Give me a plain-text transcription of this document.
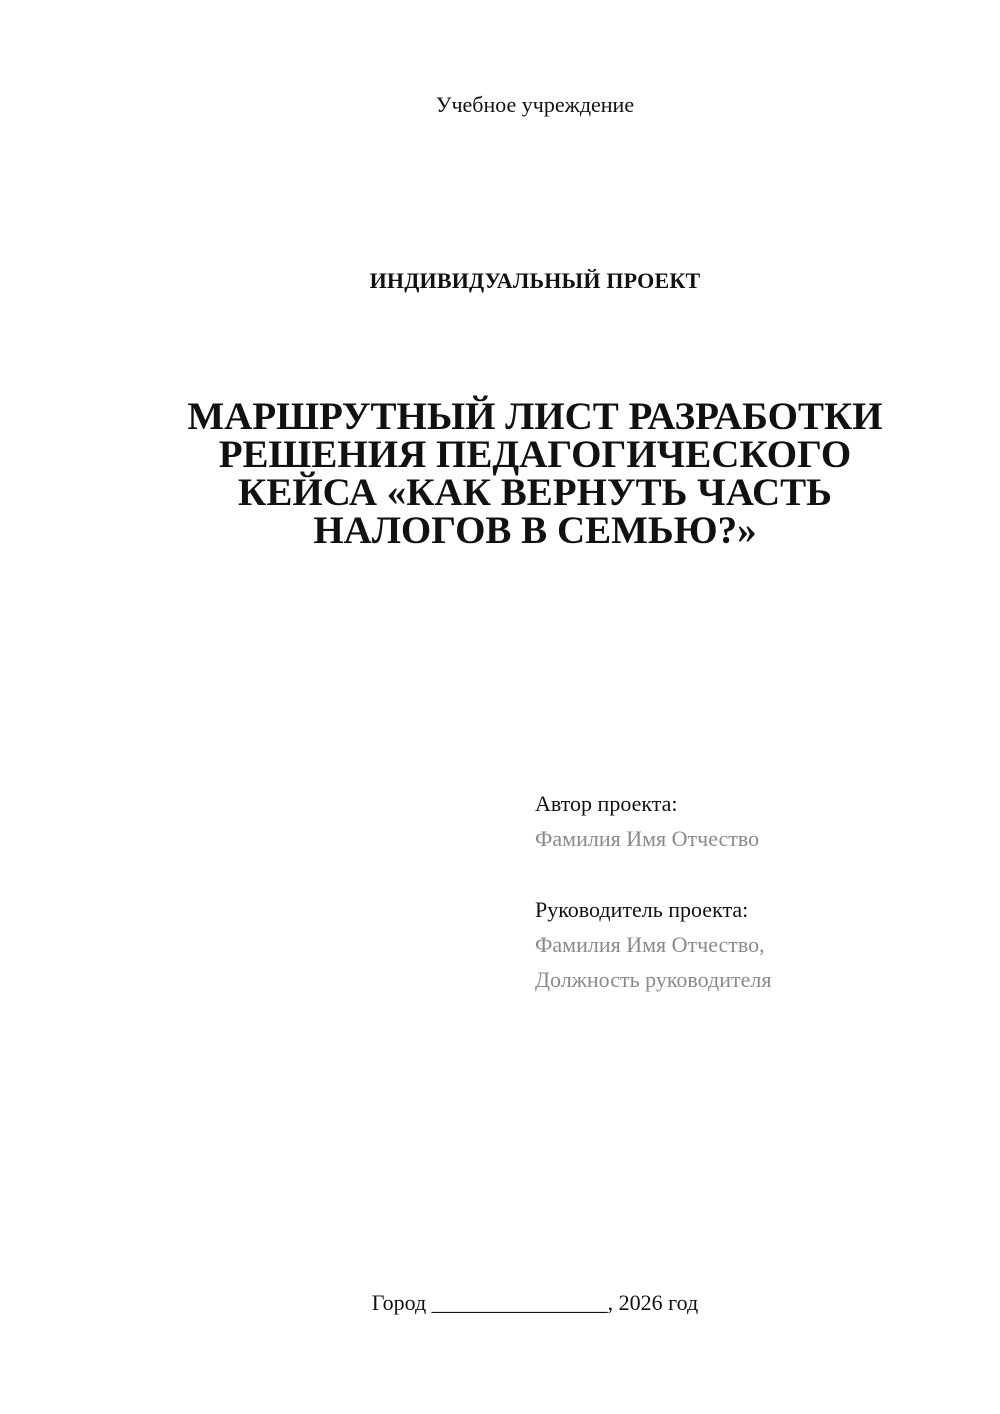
Учебное учреждение
ИНДИВИДУАЛЬНЫЙ ПРОЕКТ
МАРШРУТНЫЙ ЛИСТ РАЗРАБОТКИ
РЕШЕНИЯ ПЕДАГОГИЧЕСКОГО
КЕЙСА «КАК ВЕРНУТЬ ЧАСТЬ
НАЛОГОВ В СЕМЬЮ?»
Автор проекта:
Фамилия Имя Отчество
Руководитель проекта:
Фамилия Имя Отчество,
Должность руководителя
Город ________________, 2026 год
